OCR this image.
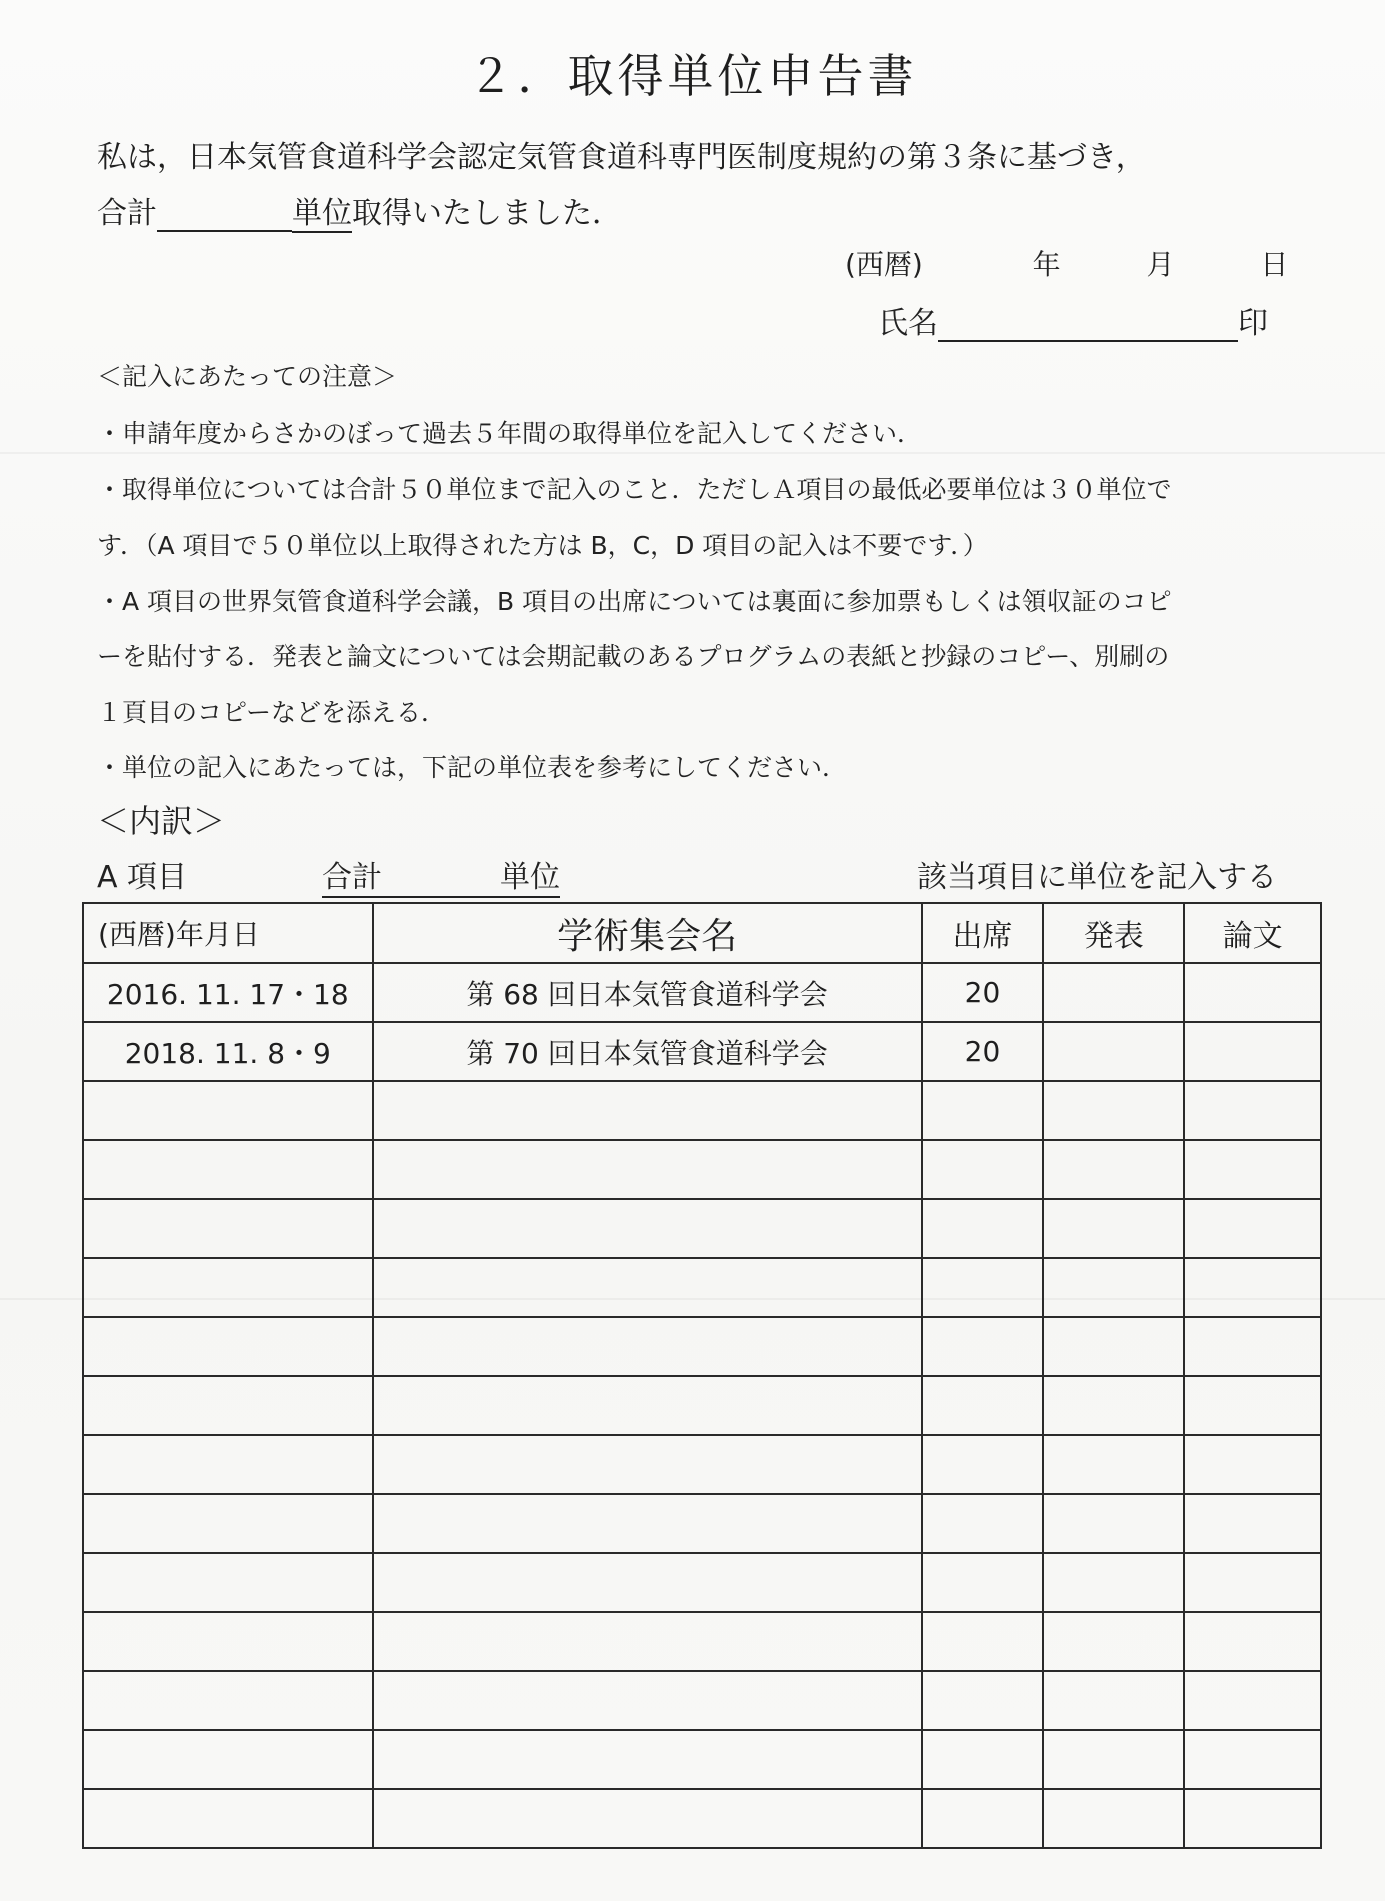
２．取得単位申告書
私は，日本気管食道科学会認定気管食道科専門医制度規約の第３条に基づき，
合計	単位取得いたしました．
(西暦)	年	月	日
氏名	印
＜記入にあたっての注意＞
・申請年度からさかのぼって過去５年間の取得単位を記入してください．
・取得単位については合計５０単位まで記入のこと．ただしＡ項目の最低必要単位は３０単位で
す．（A 項目で５０単位以上取得された方は B，C，D 項目の記入は不要です．）
・A 項目の世界気管食道科学会議，B 項目の出席については裏面に参加票もしくは領収証のコピ
ーを貼付する．発表と論文については会期記載のあるプログラムの表紙と抄録のコピー、別刷の
１頁目のコピーなどを添える．
・単位の記入にあたっては，下記の単位表を参考にしてください．
＜内訳＞
A 項目	合計	単位	該当項目に単位を記入する
(西暦)年月日	学術集会名	出席	発表	論文
2016. 11. 17・18	第 68 回日本気管食道科学会	20		
2018. 11. 8・9	第 70 回日本気管食道科学会	20		
